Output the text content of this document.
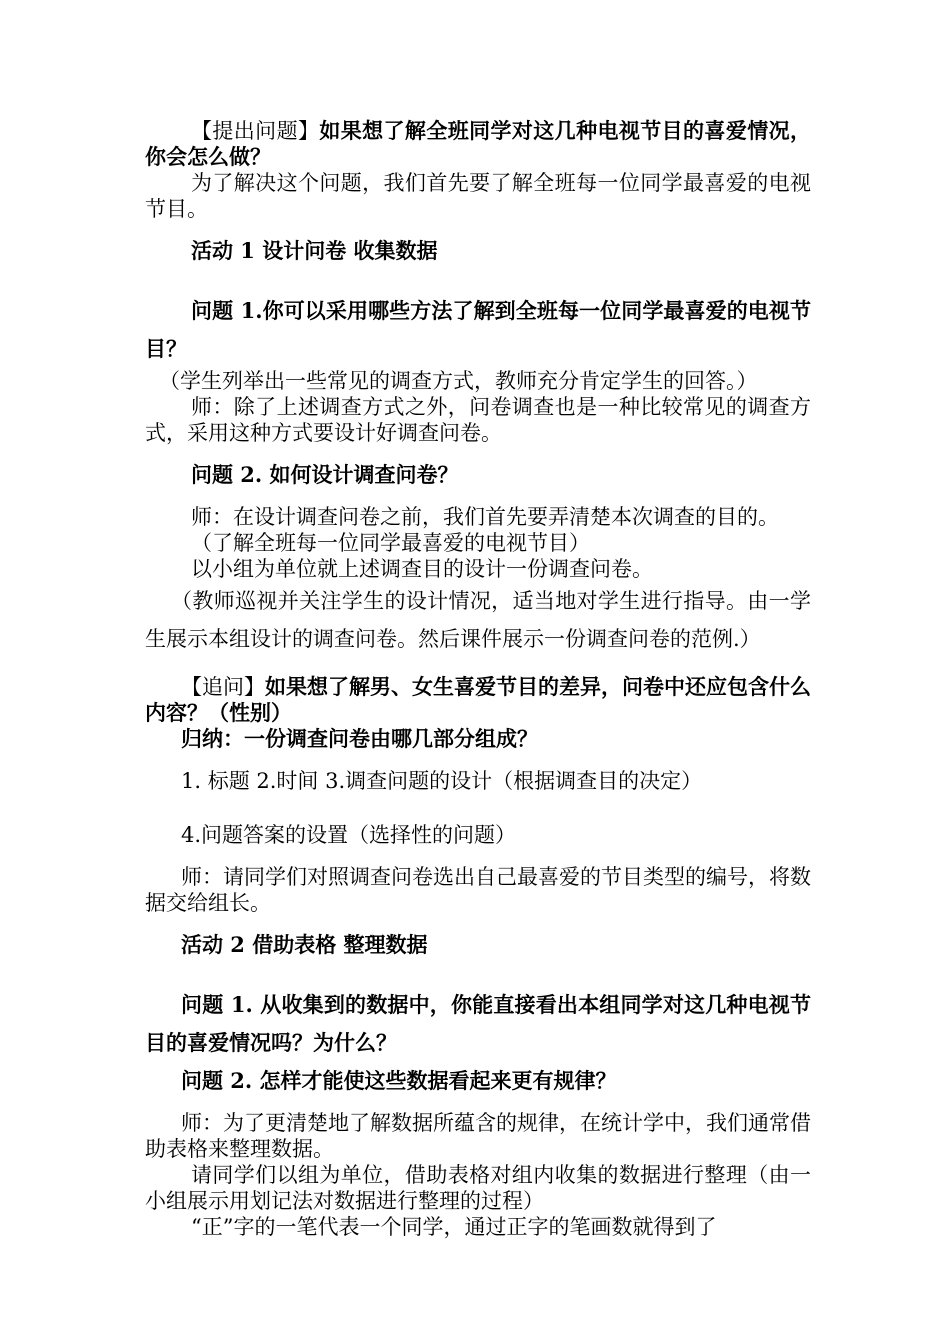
【提出问题】如果想了解全班同学对这几种电视节目的喜爱情况，你会怎么做？

为了解决这个问题，我们首先要了解全班每一位同学最喜爱的电视节目。

活动 1 设计问卷 收集数据

问题 1.你可以采用哪些方法了解到全班每一位同学最喜爱的电视节目？

（学生列举出一些常见的调查方式，教师充分肯定学生的回答。）

师：除了上述调查方式之外，问卷调查也是一种比较常见的调查方式，采用这种方式要设计好调查问卷。

问题 2. 如何设计调查问卷？

师：在设计调查问卷之前，我们首先要弄清楚本次调查的目的。

（了解全班每一位同学最喜爱的电视节目）

以小组为单位就上述调查目的设计一份调查问卷。

（教师巡视并关注学生的设计情况，适当地对学生进行指导。由一学生展示本组设计的调查问卷。然后课件展示一份调查问卷的范例.）

【追问】如果想了解男、女生喜爱节目的差异，问卷中还应包含什么内容？（性别）

归纳：一份调查问卷由哪几部分组成？

1. 标题 2.时间 3.调查问题的设计（根据调查目的决定）

4.问题答案的设置（选择性的问题）

师：请同学们对照调查问卷选出自己最喜爱的节目类型的编号，将数据交给组长。

活动 2 借助表格 整理数据

问题 1. 从收集到的数据中，你能直接看出本组同学对这几种电视节目的喜爱情况吗？为什么？

问题 2. 怎样才能使这些数据看起来更有规律？

师：为了更清楚地了解数据所蕴含的规律，在统计学中，我们通常借助表格来整理数据。

请同学们以组为单位，借助表格对组内收集的数据进行整理（由一小组展示用划记法对数据进行整理的过程）

“正”字的一笔代表一个同学，通过正字的笔画数就得到了
